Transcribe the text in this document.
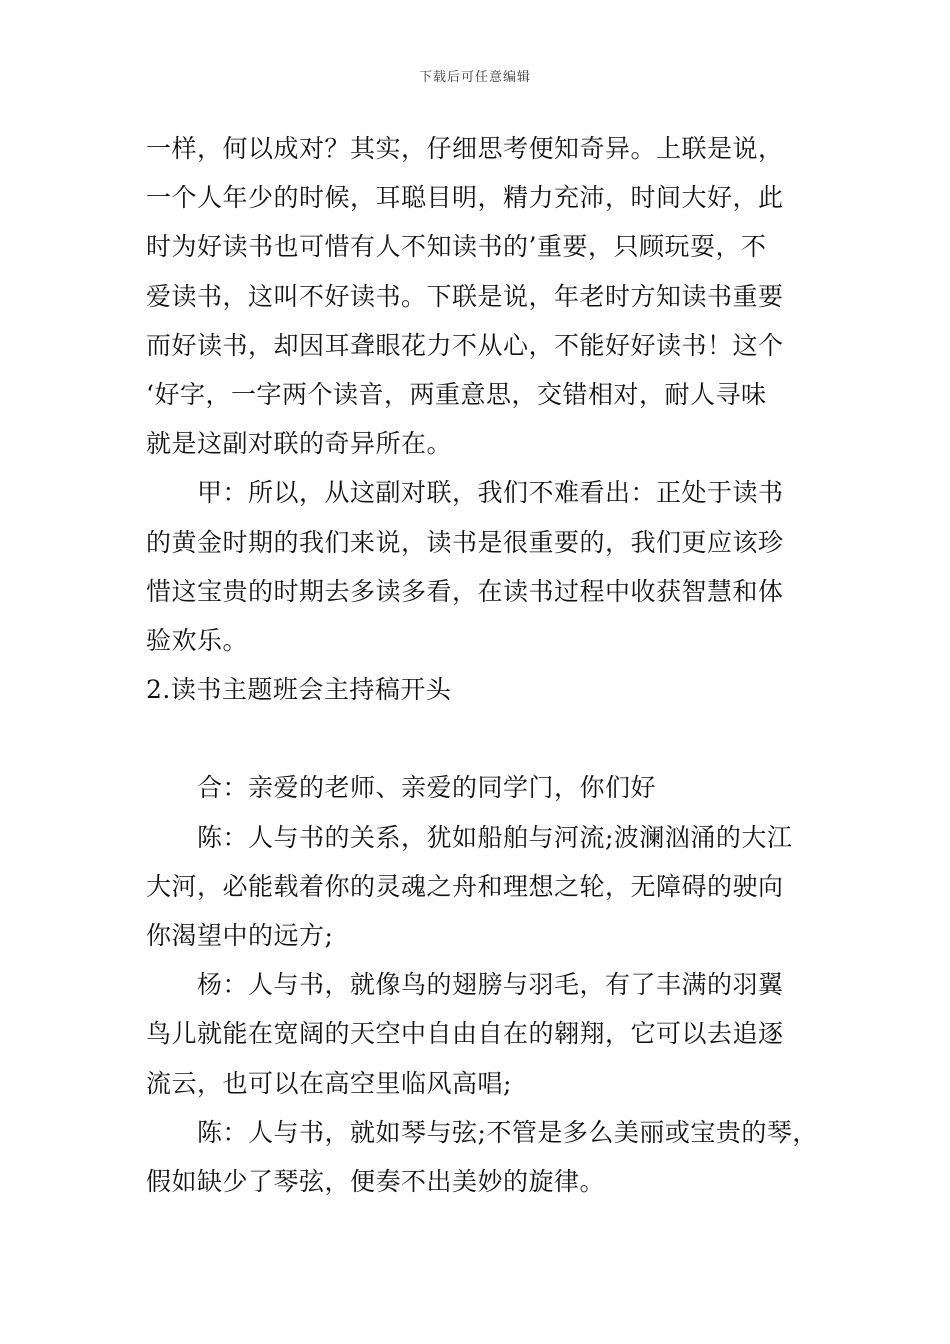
下载后可任意编辑
一样，何以成对？其实，仔细思考便知奇异。上联是说，
一个人年少的时候，耳聪目明，精力充沛，时间大好，此
时为好读书也可惜有人不知读书的’重要，只顾玩耍，不
爱读书，这叫不好读书。下联是说，年老时方知读书重要
而好读书，却因耳聋眼花力不从心，不能好好读书！这个
‘好字，一字两个读音，两重意思，交错相对，耐人寻味
就是这副对联的奇异所在。
　　甲：所以，从这副对联，我们不难看出：正处于读书
的黄金时期的我们来说，读书是很重要的，我们更应该珍
惜这宝贵的时期去多读多看，在读书过程中收获智慧和体
验欢乐。
2.读书主题班会主持稿开头
　　合：亲爱的老师、亲爱的同学门，你们好
　　陈：人与书的关系，犹如船舶与河流;波澜汹涌的大江
大河，必能载着你的灵魂之舟和理想之轮，无障碍的驶向
你渴望中的远方;
　　杨：人与书，就像鸟的翅膀与羽毛，有了丰满的羽翼
鸟儿就能在宽阔的天空中自由自在的翱翔，它可以去追逐
流云，也可以在高空里临风高唱;
　　陈：人与书，就如琴与弦;不管是多么美丽或宝贵的琴，
假如缺少了琴弦，便奏不出美妙的旋律。
